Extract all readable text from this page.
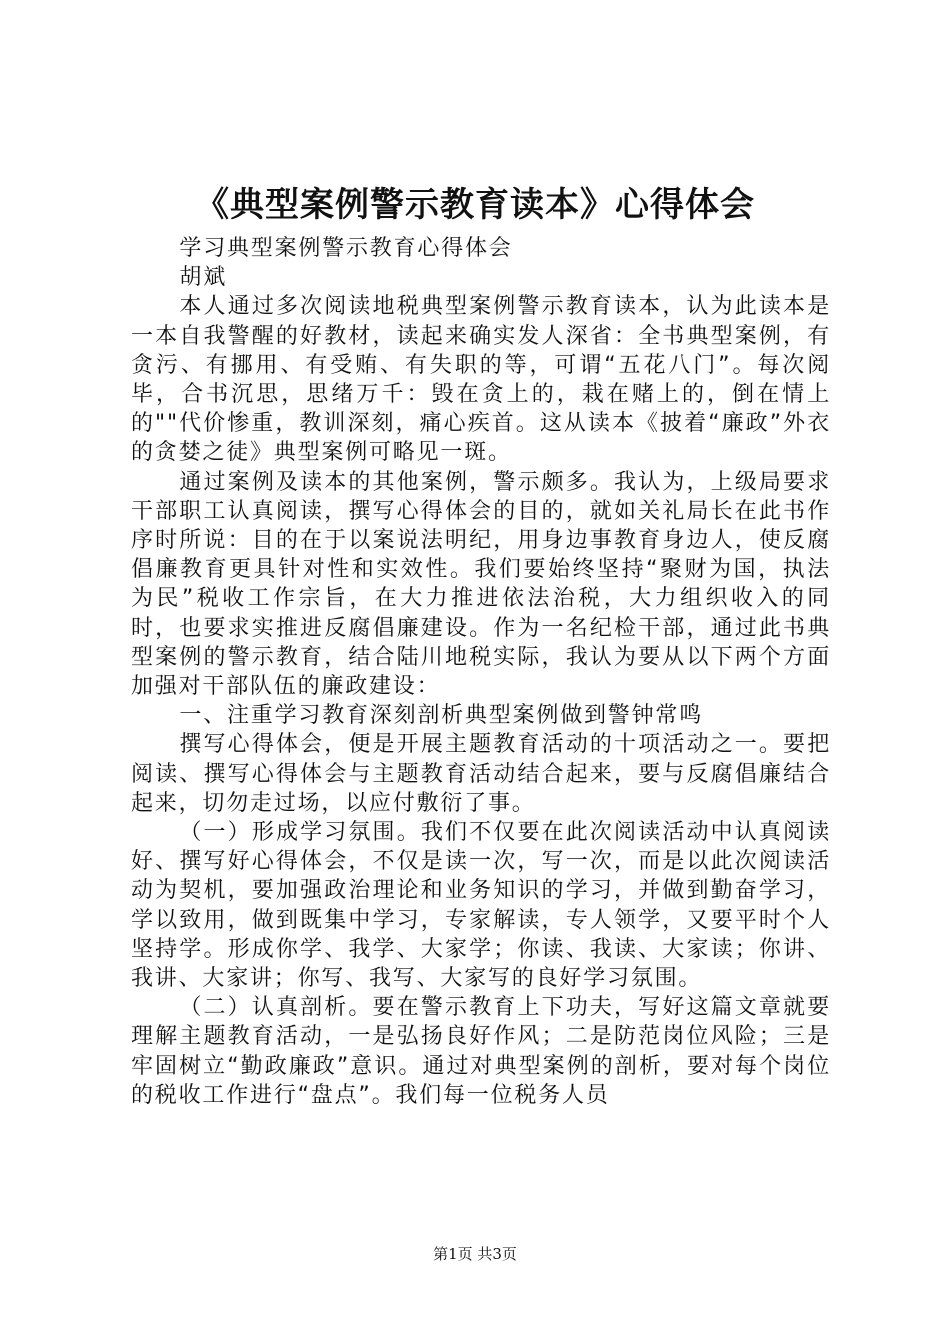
《典型案例警示教育读本》心得体会

学习典型案例警示教育心得体会

胡斌

本人通过多次阅读地税典型案例警示教育读本，认为此读本是一本自我警醒的好教材，读起来确实发人深省：全书典型案例，有贪污、有挪用、有受贿、有失职的等，可谓“五花八门”。每次阅毕，合书沉思，思绪万千：毁在贪上的，栽在赌上的，倒在情上的""代价惨重，教训深刻，痛心疾首。这从读本《披着“廉政”外衣的贪婪之徒》典型案例可略见一斑。

通过案例及读本的其他案例，警示颇多。我认为，上级局要求干部职工认真阅读，撰写心得体会的目的，就如关礼局长在此书作序时所说：目的在于以案说法明纪，用身边事教育身边人，使反腐倡廉教育更具针对性和实效性。我们要始终坚持“聚财为国，执法为民”税收工作宗旨，在大力推进依法治税，大力组织收入的同时，也要求实推进反腐倡廉建设。作为一名纪检干部，通过此书典型案例的警示教育，结合陆川地税实际，我认为要从以下两个方面加强对干部队伍的廉政建设：

一、注重学习教育深刻剖析典型案例做到警钟常鸣

撰写心得体会，便是开展主题教育活动的十项活动之一。要把阅读、撰写心得体会与主题教育活动结合起来，要与反腐倡廉结合起来，切勿走过场，以应付敷衍了事。

（一）形成学习氛围。我们不仅要在此次阅读活动中认真阅读好、撰写好心得体会，不仅是读一次，写一次，而是以此次阅读活动为契机，要加强政治理论和业务知识的学习，并做到勤奋学习，学以致用，做到既集中学习，专家解读，专人领学，又要平时个人坚持学。形成你学、我学、大家学；你读、我读、大家读；你讲、我讲、大家讲；你写、我写、大家写的良好学习氛围。

（二）认真剖析。要在警示教育上下功夫，写好这篇文章就要理解主题教育活动，一是弘扬良好作风；二是防范岗位风险；三是牢固树立“勤政廉政”意识。通过对典型案例的剖析，要对每个岗位的税收工作进行“盘点”。我们每一位税务人员

第1页 共3页
